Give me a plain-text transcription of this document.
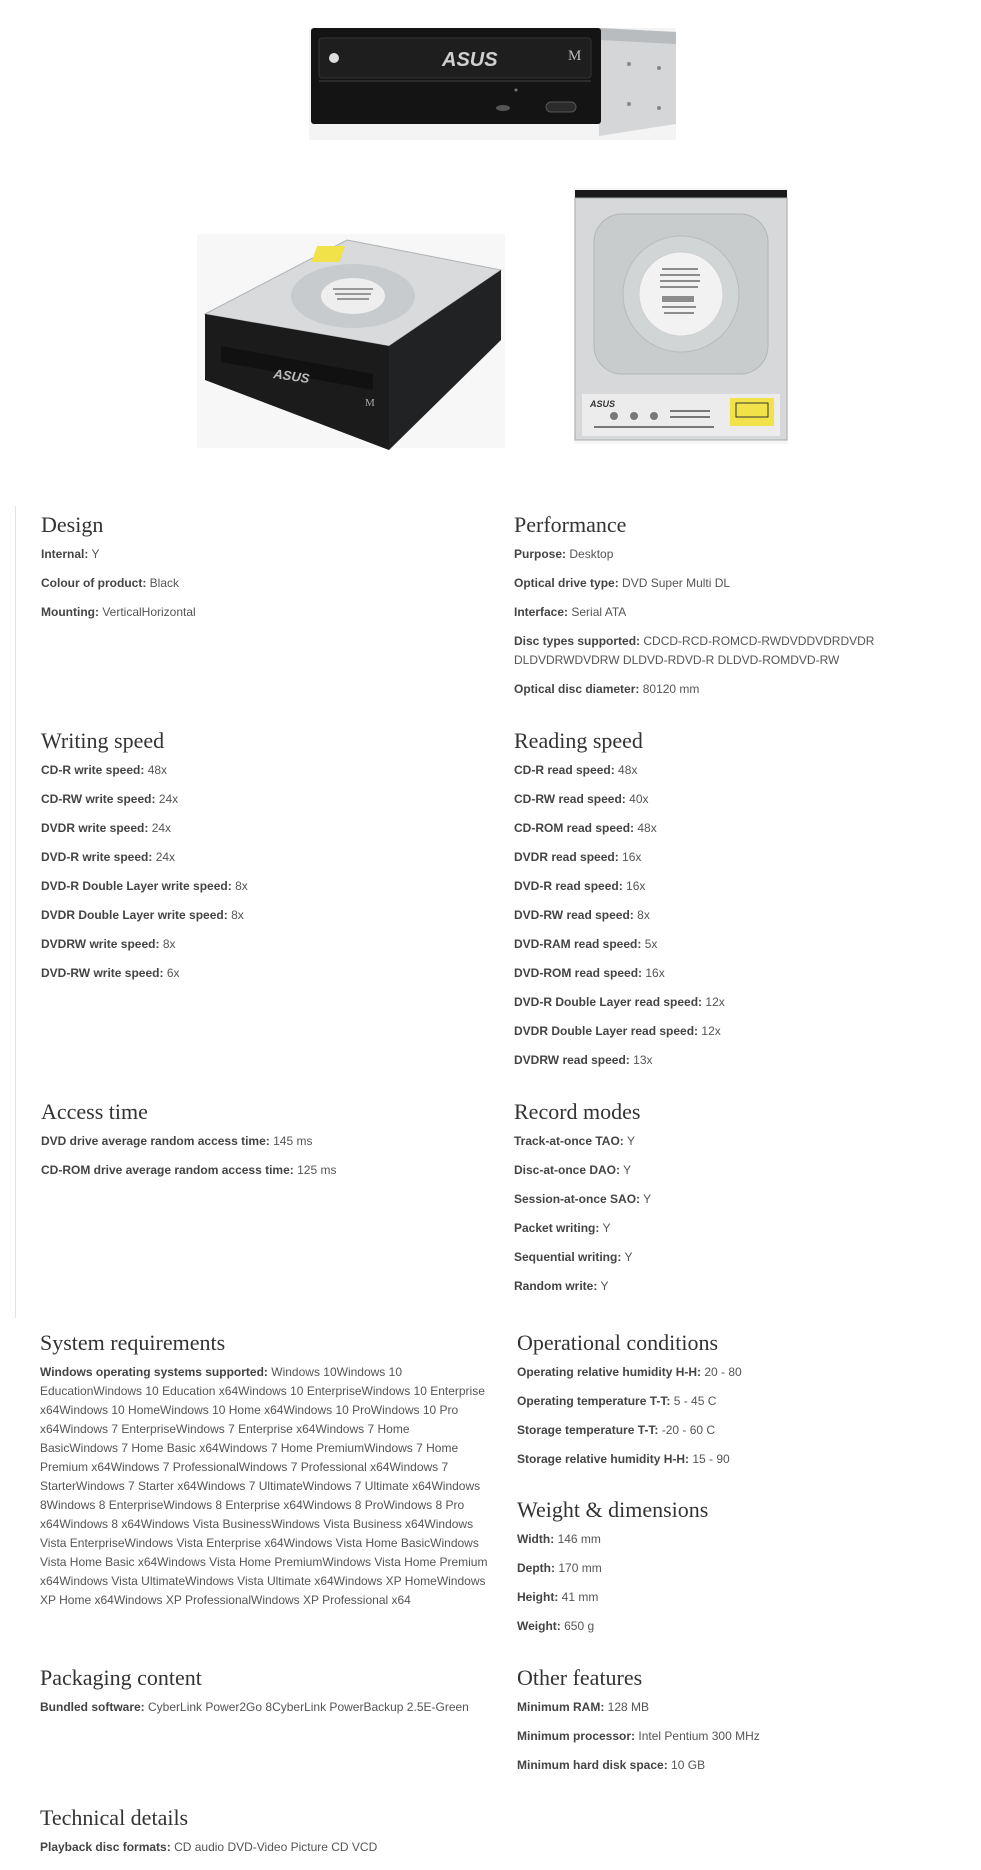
ASUS	M
ASUS
M	ASUS
Design
Internal: Y
Colour of product: Black
Mounting: VerticalHorizontal
Performance
Purpose: Desktop
Optical drive type: DVD Super Multi DL
Interface: Serial ATA
Disc types supported: CDCD-RCD-ROMCD-RWDVDDVDRDVDR DLDVDRWDVDRW DLDVD-RDVD-R DLDVD-ROMDVD-RW
Optical disc diameter: 80120 mm
Writing speed
CD-R write speed: 48x
CD-RW write speed: 24x
DVDR write speed: 24x
DVD-R write speed: 24x
DVD-R Double Layer write speed: 8x
DVDR Double Layer write speed: 8x
DVDRW write speed: 8x
DVD-RW write speed: 6x
Reading speed
CD-R read speed: 48x
CD-RW read speed: 40x
CD-ROM read speed: 48x
DVDR read speed: 16x
DVD-R read speed: 16x
DVD-RW read speed: 8x
DVD-RAM read speed: 5x
DVD-ROM read speed: 16x
DVD-R Double Layer read speed: 12x
DVDR Double Layer read speed: 12x
DVDRW read speed: 13x
Access time
DVD drive average random access time: 145 ms
CD-ROM drive average random access time: 125 ms
Record modes
Track-at-once TAO: Y
Disc-at-once DAO: Y
Session-at-once SAO: Y
Packet writing: Y
Sequential writing: Y
Random write: Y
System requirements
Windows operating systems supported: Windows 10Windows 10 EducationWindows 10 Education x64Windows 10 EnterpriseWindows 10 Enterprise x64Windows 10 HomeWindows 10 Home x64Windows 10 ProWindows 10 Pro x64Windows 7 EnterpriseWindows 7 Enterprise x64Windows 7 Home BasicWindows 7 Home Basic x64Windows 7 Home PremiumWindows 7 Home Premium x64Windows 7 ProfessionalWindows 7 Professional x64Windows 7 StarterWindows 7 Starter x64Windows 7 UltimateWindows 7 Ultimate x64Windows 8Windows 8 EnterpriseWindows 8 Enterprise x64Windows 8 ProWindows 8 Pro x64Windows 8 x64Windows Vista BusinessWindows Vista Business x64Windows Vista EnterpriseWindows Vista Enterprise x64Windows Vista Home BasicWindows Vista Home Basic x64Windows Vista Home PremiumWindows Vista Home Premium x64Windows Vista UltimateWindows Vista Ultimate x64Windows XP HomeWindows XP Home x64Windows XP ProfessionalWindows XP Professional x64
Operational conditions
Operating relative humidity H-H: 20 - 80
Operating temperature T-T: 5 - 45 C
Storage temperature T-T: -20 - 60 C
Storage relative humidity H-H: 15 - 90
Weight & dimensions
Width: 146 mm
Depth: 170 mm
Height: 41 mm
Weight: 650 g
Packaging content
Bundled software: CyberLink Power2Go 8CyberLink PowerBackup 2.5E-Green
Other features
Minimum RAM: 128 MB
Minimum processor: Intel Pentium 300 MHz
Minimum hard disk space: 10 GB
Technical details
Playback disc formats: CD audio DVD-Video Picture CD VCD
